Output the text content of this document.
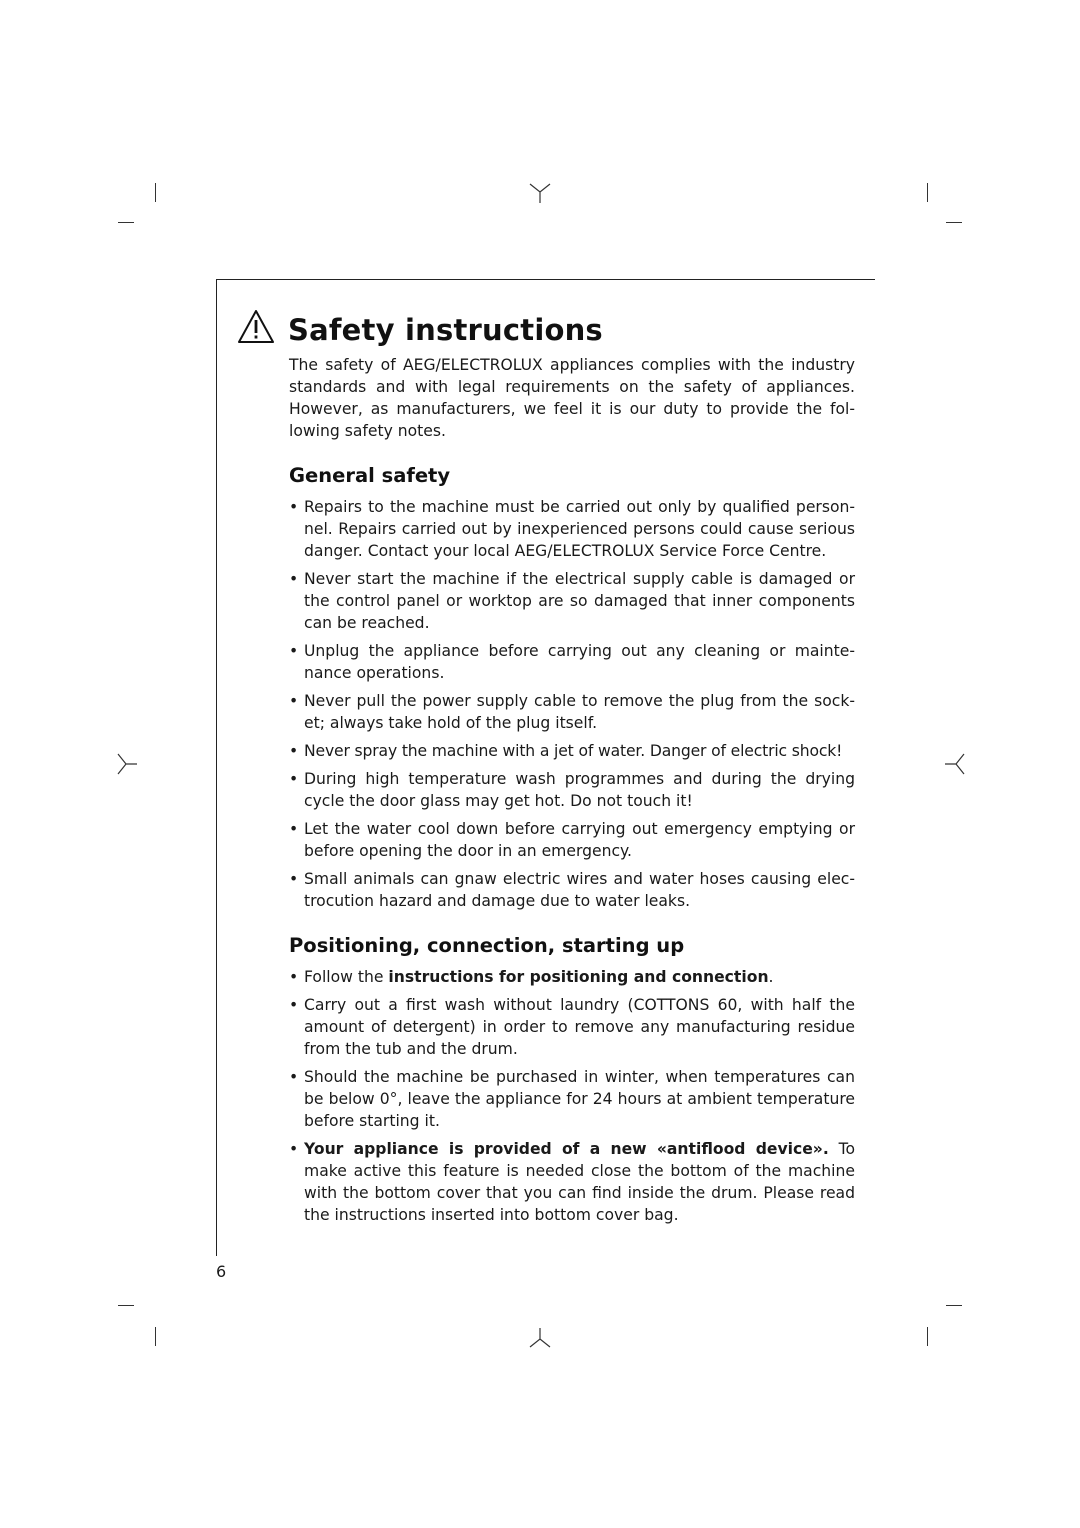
Safety instructions

The safety of AEG/ELECTROLUX appliances complies with the industry standards and with legal requirements on the safety of appliances. However, as manufacturers, we feel it is our duty to provide the fol-lowing safety notes.

General safety
• Repairs to the machine must be carried out only by qualified person-nel. Repairs carried out by inexperienced persons could cause serious danger. Contact your local AEG/ELECTROLUX Service Force Centre.
• Never start the machine if the electrical supply cable is damaged or the control panel or worktop are so damaged that inner components can be reached.
• Unplug the appliance before carrying out any cleaning or mainte-nance operations.
• Never pull the power supply cable to remove the plug from the sock-et; always take hold of the plug itself.
• Never spray the machine with a jet of water. Danger of electric shock!
• During high temperature wash programmes and during the drying cycle the door glass may get hot. Do not touch it!
• Let the water cool down before carrying out emergency emptying or before opening the door in an emergency.
• Small animals can gnaw electric wires and water hoses causing elec-trocution hazard and damage due to water leaks.
Positioning, connection, starting up
• Follow the instructions for positioning and connection.
• Carry out a first wash without laundry (COTTONS 60, with half the amount of detergent) in order to remove any manufacturing residue from the tub and the drum.
• Should the machine be purchased in winter, when temperatures can be below 0°, leave the appliance for 24 hours at ambient temperature before starting it.
• Your appliance is provided of a new «antiflood device». To make active this feature is needed close the bottom of the machine with the bottom cover that you can find inside the drum. Please read the instructions inserted into bottom cover bag.
6
